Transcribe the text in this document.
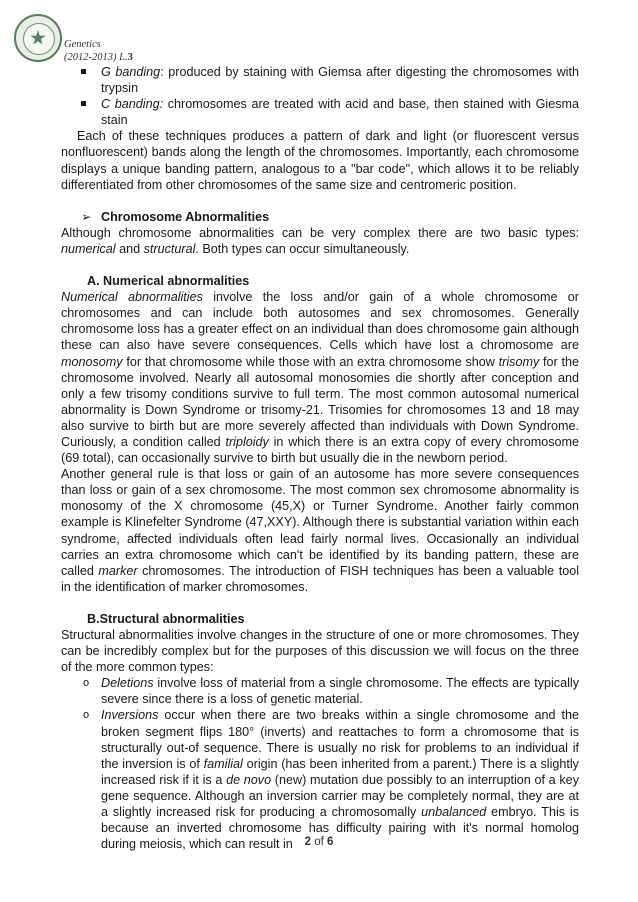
Genetics
(2012-2013) L.3

G banding: produced by staining with Giemsa after digesting the chromosomes with trypsin

C banding: chromosomes are treated with acid and base, then stained with Giesma stain

Each of these techniques produces a pattern of dark and light (or fluorescent versus nonfluorescent) bands along the length of the chromosomes. Importantly, each chromosome displays a unique banding pattern, analogous to a "bar code", which allows it to be reliably differentiated from other chromosomes of the same size and centromeric position.

➢ Chromosome Abnormalities

Although chromosome abnormalities can be very complex there are two basic types: numerical and structural. Both types can occur simultaneously.

A. Numerical abnormalities

Numerical abnormalities involve the loss and/or gain of a whole chromosome or chromosomes and can include both autosomes and sex chromosomes. Generally chromosome loss has a greater effect on an individual than does chromosome gain although these can also have severe consequences. Cells which have lost a chromosome are monosomy for that chromosome while those with an extra chromosome show trisomy for the chromosome involved. Nearly all autosomal monosomies die shortly after conception and only a few trisomy conditions survive to full term. The most common autosomal numerical abnormality is Down Syndrome or trisomy-21. Trisomies for chromosomes 13 and 18 may also survive to birth but are more severely affected than individuals with Down Syndrome. Curiously, a condition called triploidy in which there is an extra copy of every chromosome (69 total), can occasionally survive to birth but usually die in the newborn period.

Another general rule is that loss or gain of an autosome has more severe consequences than loss or gain of a sex chromosome. The most common sex chromosome abnormality is monosomy of the X chromosome (45,X) or Turner Syndrome. Another fairly common example is Klinefelter Syndrome (47,XXY). Although there is substantial variation within each syndrome, affected individuals often lead fairly normal lives. Occasionally an individual carries an extra chromosome which can't be identified by its banding pattern, these are called marker chromosomes. The introduction of FISH techniques has been a valuable tool in the identification of marker chromosomes.

B.Structural abnormalities

Structural abnormalities involve changes in the structure of one or more chromosomes. They can be incredibly complex but for the purposes of this discussion we will focus on the three of the more common types:

o Deletions involve loss of material from a single chromosome. The effects are typically severe since there is a loss of genetic material.

o Inversions occur when there are two breaks within a single chromosome and the broken segment flips 180° (inverts) and reattaches to form a chromosome that is structurally out-of sequence. There is usually no risk for problems to an individual if the inversion is of familial origin (has been inherited from a parent.) There is a slightly increased risk if it is a de novo (new) mutation due possibly to an interruption of a key gene sequence. Although an inversion carrier may be completely normal, they are at a slightly increased risk for producing a chromosomally unbalanced embryo. This is because an inverted chromosome has difficulty pairing with it's normal homolog during meiosis, which can result in	2 of 6
